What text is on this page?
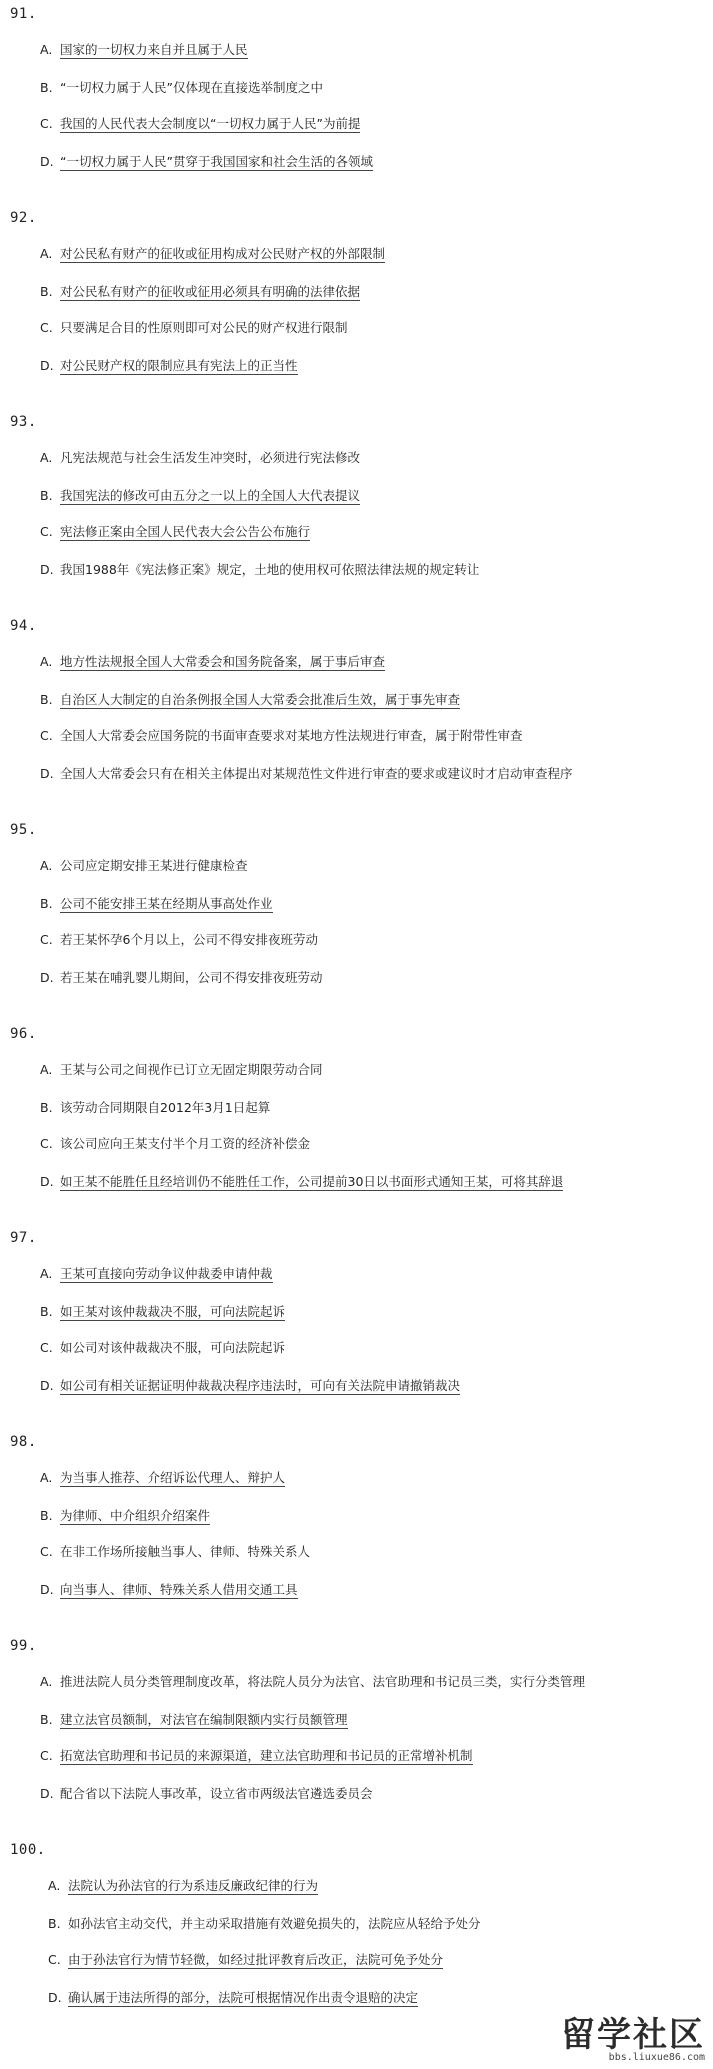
91.
A. 国家的一切权力来自并且属于人民
B. “一切权力属于人民”仅体现在直接选举制度之中
C. 我国的人民代表大会制度以“一切权力属于人民”为前提
D. “一切权力属于人民”贯穿于我国国家和社会生活的各领域
92.
A. 对公民私有财产的征收或征用构成对公民财产权的外部限制
B. 对公民私有财产的征收或征用必须具有明确的法律依据
C. 只要满足合目的性原则即可对公民的财产权进行限制
D. 对公民财产权的限制应具有宪法上的正当性
93.
A. 凡宪法规范与社会生活发生冲突时，必须进行宪法修改
B. 我国宪法的修改可由五分之一以上的全国人大代表提议
C. 宪法修正案由全国人民代表大会公告公布施行
D. 我国1988年《宪法修正案》规定，土地的使用权可依照法律法规的规定转让
94.
A. 地方性法规报全国人大常委会和国务院备案，属于事后审查
B. 自治区人大制定的自治条例报全国人大常委会批准后生效，属于事先审查
C. 全国人大常委会应国务院的书面审查要求对某地方性法规进行审查，属于附带性审查
D. 全国人大常委会只有在相关主体提出对某规范性文件进行审查的要求或建议时才启动审查程序
95.
A. 公司应定期安排王某进行健康检查
B. 公司不能安排王某在经期从事高处作业
C. 若王某怀孕6个月以上，公司不得安排夜班劳动
D. 若王某在哺乳婴儿期间，公司不得安排夜班劳动
96.
A. 王某与公司之间视作已订立无固定期限劳动合同
B. 该劳动合同期限自2012年3月1日起算
C. 该公司应向王某支付半个月工资的经济补偿金
D. 如王某不能胜任且经培训仍不能胜任工作，公司提前30日以书面形式通知王某，可将其辞退
97.
A. 王某可直接向劳动争议仲裁委申请仲裁
B. 如王某对该仲裁裁决不服，可向法院起诉
C. 如公司对该仲裁裁决不服，可向法院起诉
D. 如公司有相关证据证明仲裁裁决程序违法时，可向有关法院申请撤销裁决
98.
A. 为当事人推荐、介绍诉讼代理人、辩护人
B. 为律师、中介组织介绍案件
C. 在非工作场所接触当事人、律师、特殊关系人
D. 向当事人、律师、特殊关系人借用交通工具
99.
A. 推进法院人员分类管理制度改革，将法院人员分为法官、法官助理和书记员三类，实行分类管理
B. 建立法官员额制，对法官在编制限额内实行员额管理
C. 拓宽法官助理和书记员的来源渠道，建立法官助理和书记员的正常增补机制
D. 配合省以下法院人事改革，设立省市两级法官遴选委员会
100.
A. 法院认为孙法官的行为系违反廉政纪律的行为
B. 如孙法官主动交代，并主动采取措施有效避免损失的，法院应从轻给予处分
C. 由于孙法官行为情节轻微，如经过批评教育后改正，法院可免予处分
D. 确认属于违法所得的部分，法院可根据情况作出责令退赔的决定
留学社区
bbs.liuxue86.com
